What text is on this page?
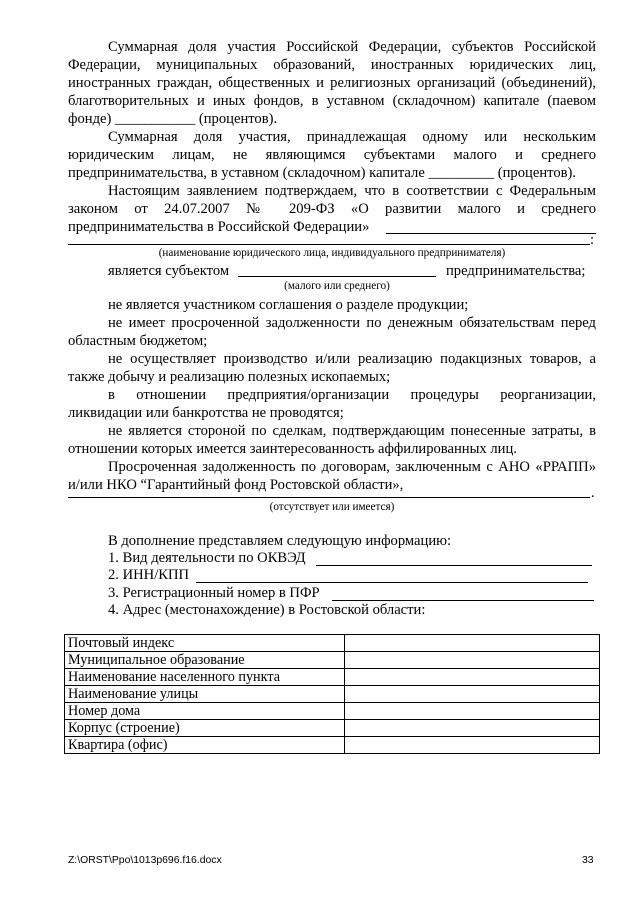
Суммарная доля участия Российской Федерации, субъектов Российской Федерации, муниципальных образований, иностранных юридических лиц, иностранных граждан, общественных и религиозных организаций (объединений), благотворительных и иных фондов, в уставном (складочном) капитале (паевом фонде) ___________ (процентов).

Суммарная доля участия, принадлежащая одному или нескольким юридическим лицам, не являющимся субъектами малого и среднего предпринимательства, в уставном (складочном) капитале _________ (процентов).

Настоящим заявлением подтверждаем, что в соответствии с Федеральным законом от 24.07.2007 № 209-ФЗ «О развитии малого и среднего предпринимательства в Российской Федерации»

:
(наименование юридического лица, индивидуального предпринимателя)
является субъектом	предпринимательства;
(малого или среднего)

не является участником соглашения о разделе продукции;

не имеет просроченной задолженности по денежным обязательствам перед областным бюджетом;

не осуществляет производство и/или реализацию подакцизных товаров, а также добычу и реализацию полезных ископаемых;

в отношении предприятия/организации процедуры реорганизации, ликвидации или банкротства не проводятся;

не является стороной по сделкам, подтверждающим понесенные затраты, в отношении которых имеется заинтересованность аффилированных лиц.

Просроченная задолженность по договорам, заключенным с АНО «РРАПП» и/или НКО “Гарантийный фонд Ростовской области»,	.
(отсутствует или имеется)
В дополнение представляем следующую информацию:
1. Вид деятельности по ОКВЭД
2. ИНН/КПП
3. Регистрационный номер в ПФР
4. Адрес (местонахождение) в Ростовской области:
Почтовый индекс	
Муниципальное образование	
Наименование населенного пункта	
Наименование улицы	
Номер дома	
Корпус (строение)	
Квартира (офис)	
Z:\ORST\Ppo\1013p696.f16.docx	33
